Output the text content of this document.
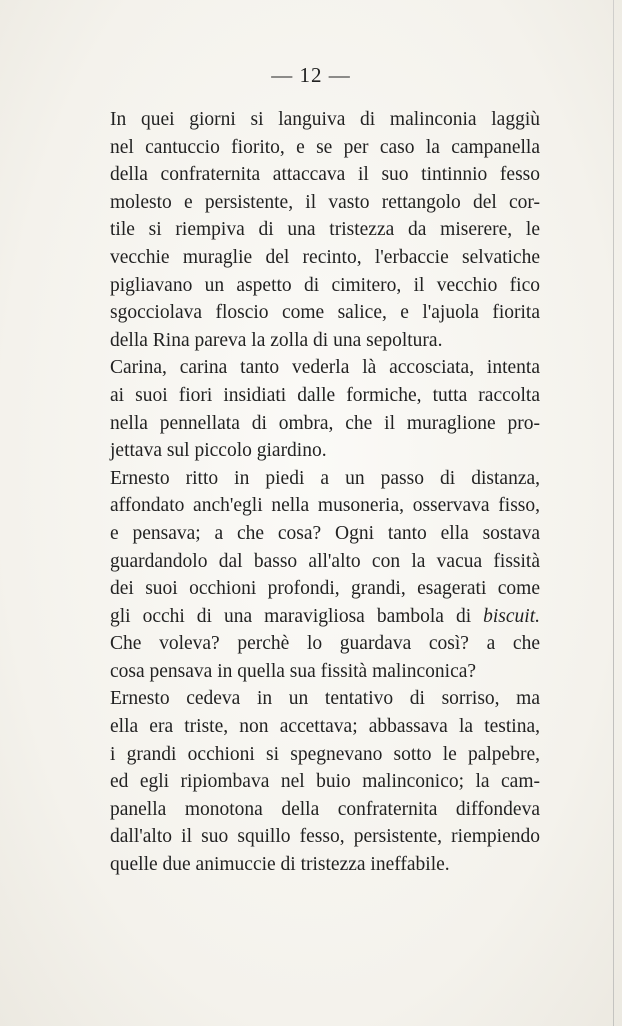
— 12 —
In quei giorni si languiva di malinconia laggiù
nel cantuccio fiorito, e se per caso la campanella
della confraternita attaccava il suo tintinnio fesso
molesto e persistente, il vasto rettangolo del cor-
tile si riempiva di una tristezza da miserere, le
vecchie muraglie del recinto, l'erbaccie selvatiche
pigliavano un aspetto di cimitero, il vecchio fico
sgocciolava floscio come salice, e l'ajuola fiorita
della Rina pareva la zolla di una sepoltura.
Carina, carina tanto vederla là accosciata, intenta
ai suoi fiori insidiati dalle formiche, tutta raccolta
nella pennellata di ombra, che il muraglione pro-
jettava sul piccolo giardino.
Ernesto ritto in piedi a un passo di distanza,
affondato anch'egli nella musoneria, osservava fisso,
e pensava; a che cosa? Ogni tanto ella sostava
guardandolo dal basso all'alto con la vacua fissità
dei suoi occhioni profondi, grandi, esagerati come
gli occhi di una maravigliosa bambola di biscuit.
Che voleva? perchè lo guardava così? a che
cosa pensava in quella sua fissità malinconica?
Ernesto cedeva in un tentativo di sorriso, ma
ella era triste, non accettava; abbassava la testina,
i grandi occhioni si spegnevano sotto le palpebre,
ed egli ripiombava nel buio malinconico; la cam-
panella monotona della confraternita diffondeva
dall'alto il suo squillo fesso, persistente, riempiendo
quelle due animuccie di tristezza ineffabile.
